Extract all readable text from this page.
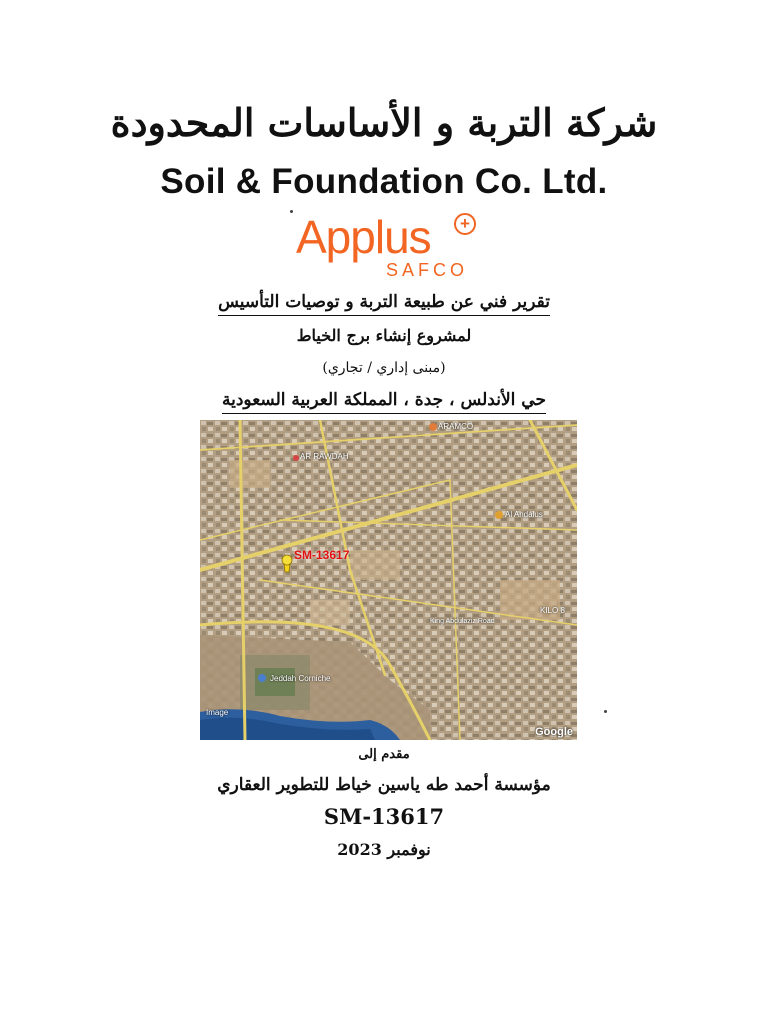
شركة التربة و الأساسات المحدودة
Soil & Foundation Co. Ltd.
Applus	+
SAFCO
تقرير فني عن طبيعة التربة و توصيات التأسيس
لمشروع إنشاء برج الخياط
(مبنى إداري / تجاري)
حي الأندلس ، جدة ، المملكة العربية السعودية
SM-13617
ARAMCO
AR RAWDAH
Al Andalus
King Abdulaziz Road
KILO 8
Jeddah Corniche
Image
Google
مقدم إلى
مؤسسة أحمد طه ياسين خياط للتطوير العقاري
SM-13617
نوفمبر 2023
